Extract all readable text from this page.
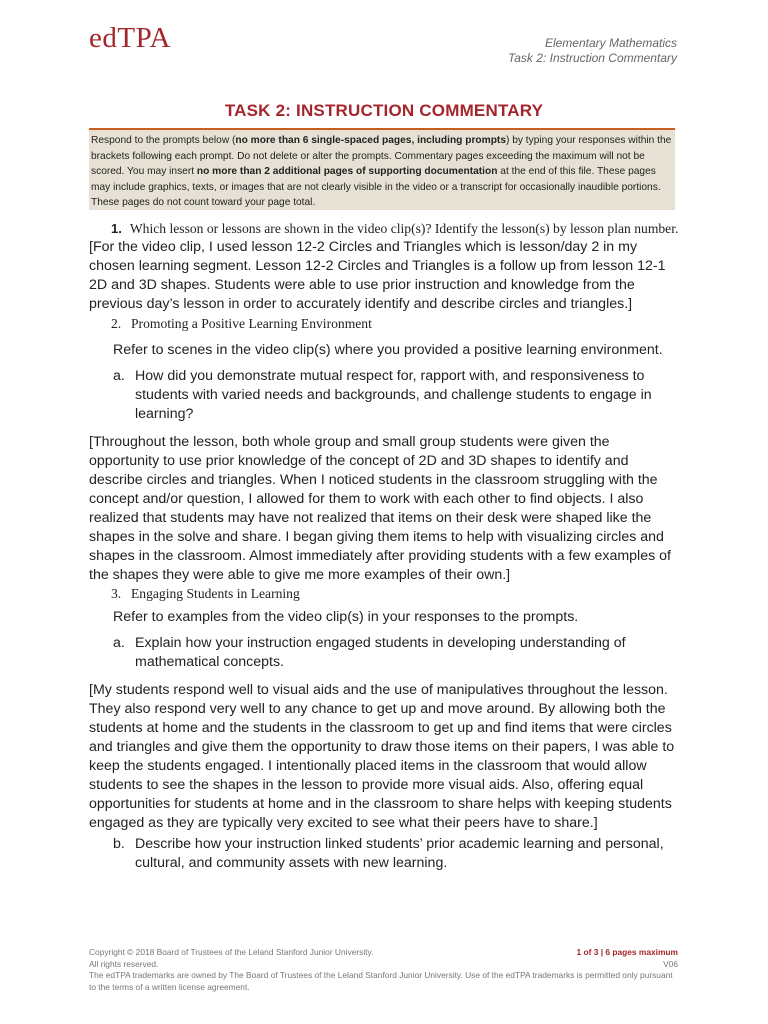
edTPA	Elementary Mathematics
Task 2: Instruction Commentary
TASK 2: INSTRUCTION COMMENTARY
Respond to the prompts below (no more than 6 single-spaced pages, including prompts) by typing your responses within the brackets following each prompt. Do not delete or alter the prompts. Commentary pages exceeding the maximum will not be scored. You may insert no more than 2 additional pages of supporting documentation at the end of this file. These pages may include graphics, texts, or images that are not clearly visible in the video or a transcript for occasionally inaudible portions. These pages do not count toward your page total.
1. Which lesson or lessons are shown in the video clip(s)? Identify the lesson(s) by lesson plan number.
[For the video clip, I used lesson 12-2 Circles and Triangles which is lesson/day 2 in my chosen learning segment. Lesson 12-2 Circles and Triangles is a follow up from lesson 12-1 2D and 3D shapes. Students were able to use prior instruction and knowledge from the previous day’s lesson in order to accurately identify and describe circles and triangles.]
2. Promoting a Positive Learning Environment
Refer to scenes in the video clip(s) where you provided a positive learning environment.
a. How did you demonstrate mutual respect for, rapport with, and responsiveness to students with varied needs and backgrounds, and challenge students to engage in learning?
[Throughout the lesson, both whole group and small group students were given the opportunity to use prior knowledge of the concept of 2D and 3D shapes to identify and describe circles and triangles. When I noticed students in the classroom struggling with the concept and/or question, I allowed for them to work with each other to find objects. I also realized that students may have not realized that items on their desk were shaped like the shapes in the solve and share. I began giving them items to help with visualizing circles and shapes in the classroom. Almost immediately after providing students with a few examples of the shapes they were able to give me more examples of their own.]
3. Engaging Students in Learning
Refer to examples from the video clip(s) in your responses to the prompts.
a. Explain how your instruction engaged students in developing understanding of mathematical concepts.
[My students respond well to visual aids and the use of manipulatives throughout the lesson. They also respond very well to any chance to get up and move around. By allowing both the students at home and the students in the classroom to get up and find items that were circles and triangles and give them the opportunity to draw those items on their papers, I was able to keep the students engaged. I intentionally placed items in the classroom that would allow students to see the shapes in the lesson to provide more visual aids. Also, offering equal opportunities for students at home and in the classroom to share helps with keeping students engaged as they are typically very excited to see what their peers have to share.]
b. Describe how your instruction linked students’ prior academic learning and personal, cultural, and community assets with new learning.
Copyright © 2018 Board of Trustees of the Leland Stanford Junior University.	1 of 3 | 6 pages maximum
All rights reserved.	V06
The edTPA trademarks are owned by The Board of Trustees of the Leland Stanford Junior University. Use of the edTPA trademarks is permitted only pursuant to the terms of a written license agreement.
